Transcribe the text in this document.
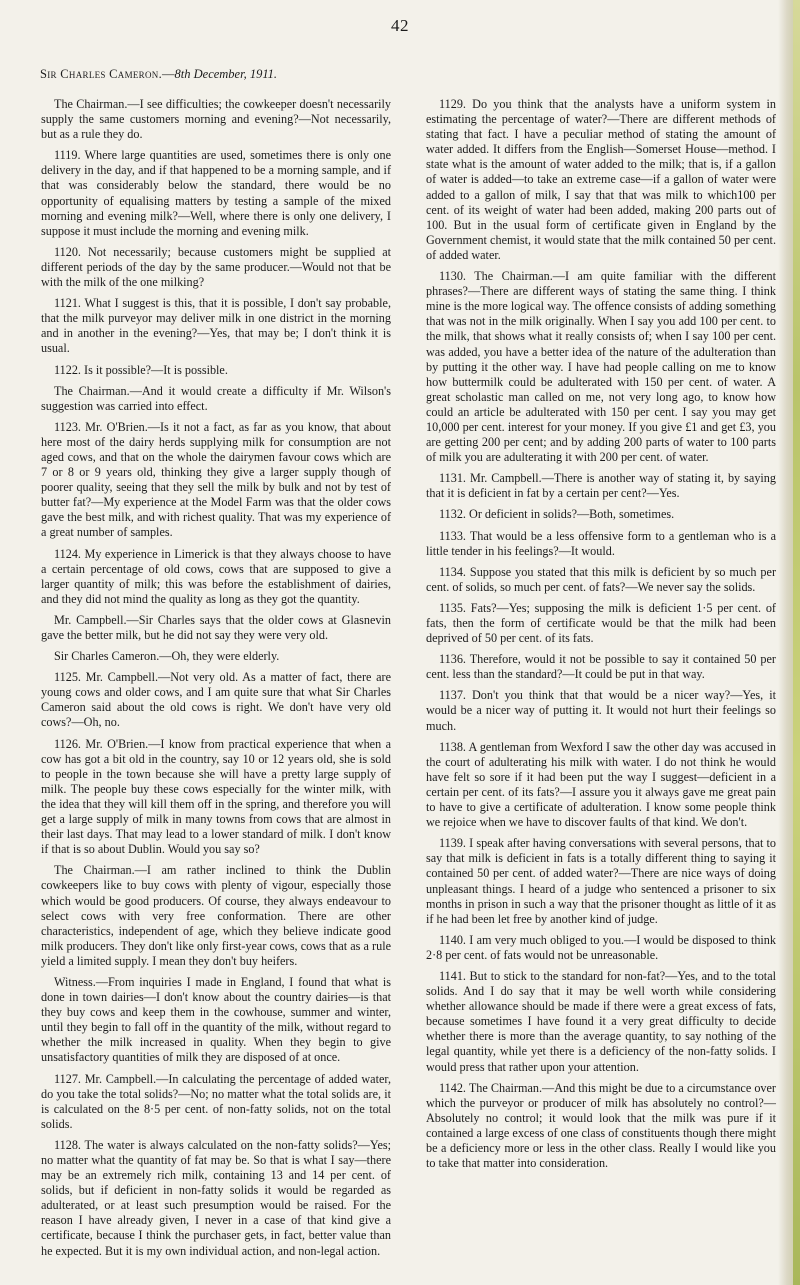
42
Sir Charles Cameron.—8th December, 1911.

The Chairman.—I see difficulties; the cowkeeper doesn't necessarily supply the same customers morning and evening?—Not necessarily, but as a rule they do.

1119. Where large quantities are used, sometimes there is only one delivery in the day, and if that happened to be a morning sample, and if that was considerably below the standard, there would be no opportunity of equalising matters by testing a sample of the mixed morning and evening milk?—Well, where there is only one delivery, I suppose it must include the morning and evening milk.

1120. Not necessarily; because customers might be supplied at different periods of the day by the same producer.—Would not that be with the milk of the one milking?

1121. What I suggest is this, that it is possible, I don't say probable, that the milk purveyor may deliver milk in one district in the morning and in another in the evening?—Yes, that may be; I don't think it is usual.

1122. Is it possible?—It is possible.

The Chairman.—And it would create a difficulty if Mr. Wilson's suggestion was carried into effect.

1123. Mr. O'Brien.—Is it not a fact, as far as you know, that about here most of the dairy herds supplying milk for consumption are not aged cows, and that on the whole the dairymen favour cows which are 7 or 8 or 9 years old, thinking they give a larger supply though of poorer quality, seeing that they sell the milk by bulk and not by test of butter fat?—My experience at the Model Farm was that the older cows gave the best milk, and with richest quality. That was my experience of a great number of samples.

1124. My experience in Limerick is that they always choose to have a certain percentage of old cows, cows that are supposed to give a larger quantity of milk; this was before the establishment of dairies, and they did not mind the quality as long as they got the quantity.

Mr. Campbell.—Sir Charles says that the older cows at Glasnevin gave the better milk, but he did not say they were very old.

Sir Charles Cameron.—Oh, they were elderly.

1125. Mr. Campbell.—Not very old. As a matter of fact, there are young cows and older cows, and I am quite sure that what Sir Charles Cameron said about the old cows is right. We don't have very old cows?—Oh, no.

1126. Mr. O'Brien.—I know from practical experience that when a cow has got a bit old in the country, say 10 or 12 years old, she is sold to people in the town because she will have a pretty large supply of milk. The people buy these cows especially for the winter milk, with the idea that they will kill them off in the spring, and therefore you will get a large supply of milk in many towns from cows that are almost in their last days. That may lead to a lower standard of milk. I don't know if that is so about Dublin. Would you say so?

The Chairman.—I am rather inclined to think the Dublin cowkeepers like to buy cows with plenty of vigour, especially those which would be good producers. Of course, they always endeavour to select cows with very free conformation. There are other characteristics, independent of age, which they believe indicate good milk producers. They don't like only first-year cows, cows that as a rule yield a limited supply. I mean they don't buy heifers.

Witness.—From inquiries I made in England, I found that what is done in town dairies—I don't know about the country dairies—is that they buy cows and keep them in the cowhouse, summer and winter, until they begin to fall off in the quantity of the milk, without regard to whether the milk increased in quality. When they begin to give unsatisfactory quantities of milk they are disposed of at once.

1127. Mr. Campbell.—In calculating the percentage of added water, do you take the total solids?—No; no matter what the total solids are, it is calculated on the 8·5 per cent. of non-fatty solids, not on the total solids.

1128. The water is always calculated on the non-fatty solids?—Yes; no matter what the quantity of fat may be. So that is what I say—there may be an extremely rich milk, containing 13 and 14 per cent. of solids, but if deficient in non-fatty solids it would be regarded as adulterated, or at least such presumption would be raised. For the reason I have already given, I never in a case of that kind give a certificate, because I think the purchaser gets, in fact, better value than he expected. But it is my own individual action, and non-legal action.

1129. Do you think that the analysts have a uniform system in estimating the percentage of water?—There are different methods of stating that fact. I have a peculiar method of stating the amount of water added. It differs from the English—Somerset House—method. I state what is the amount of water added to the milk; that is, if a gallon of water is added—to take an extreme case—if a gallon of water were added to a gallon of milk, I say that that was milk to which100 per cent. of its weight of water had been added, making 200 parts out of 100. But in the usual form of certificate given in England by the Government chemist, it would state that the milk contained 50 per cent. of added water.

1130. The Chairman.—I am quite familiar with the different phrases?—There are different ways of stating the same thing. I think mine is the more logical way. The offence consists of adding something that was not in the milk originally. When I say you add 100 per cent. to the milk, that shows what it really consists of; when I say 100 per cent. was added, you have a better idea of the nature of the adulteration than by putting it the other way. I have had people calling on me to know how buttermilk could be adulterated with 150 per cent. of water. A great scholastic man called on me, not very long ago, to know how could an article be adulterated with 150 per cent. I say you may get 10,000 per cent. interest for your money. If you give £1 and get £3, you are getting 200 per cent; and by adding 200 parts of water to 100 parts of milk you are adulterating it with 200 per cent. of water.

1131. Mr. Campbell.—There is another way of stating it, by saying that it is deficient in fat by a certain per cent?—Yes.

1132. Or deficient in solids?—Both, sometimes.

1133. That would be a less offensive form to a gentleman who is a little tender in his feelings?—It would.

1134. Suppose you stated that this milk is deficient by so much per cent. of solids, so much per cent. of fats?—We never say the solids.

1135. Fats?—Yes; supposing the milk is deficient 1·5 per cent. of fats, then the form of certificate would be that the milk had been deprived of 50 per cent. of its fats.

1136. Therefore, would it not be possible to say it contained 50 per cent. less than the standard?—It could be put in that way.

1137. Don't you think that that would be a nicer way?—Yes, it would be a nicer way of putting it. It would not hurt their feelings so much.

1138. A gentleman from Wexford I saw the other day was accused in the court of adulterating his milk with water. I do not think he would have felt so sore if it had been put the way I suggest—deficient in a certain per cent. of its fats?—I assure you it always gave me great pain to have to give a certificate of adulteration. I know some people think we rejoice when we have to discover faults of that kind. We don't.

1139. I speak after having conversations with several persons, that to say that milk is deficient in fats is a totally different thing to saying it contained 50 per cent. of added water?—There are nice ways of doing unpleasant things. I heard of a judge who sentenced a prisoner to six months in prison in such a way that the prisoner thought as little of it as if he had been let free by another kind of judge.

1140. I am very much obliged to you.—I would be disposed to think 2·8 per cent. of fats would not be unreasonable.

1141. But to stick to the standard for non-fat?—Yes, and to the total solids. And I do say that it may be well worth while considering whether allowance should be made if there were a great excess of fats, because sometimes I have found it a very great difficulty to decide whether there is more than the average quantity, to say nothing of the legal quantity, while yet there is a deficiency of the non-fatty solids. I would press that rather upon your attention.

1142. The Chairman.—And this might be due to a circumstance over which the purveyor or producer of milk has absolutely no control?—Absolutely no control; it would look that the milk was pure if it contained a large excess of one class of constituents though there might be a deficiency more or less in the other class. Really I would like you to take that matter into consideration.
